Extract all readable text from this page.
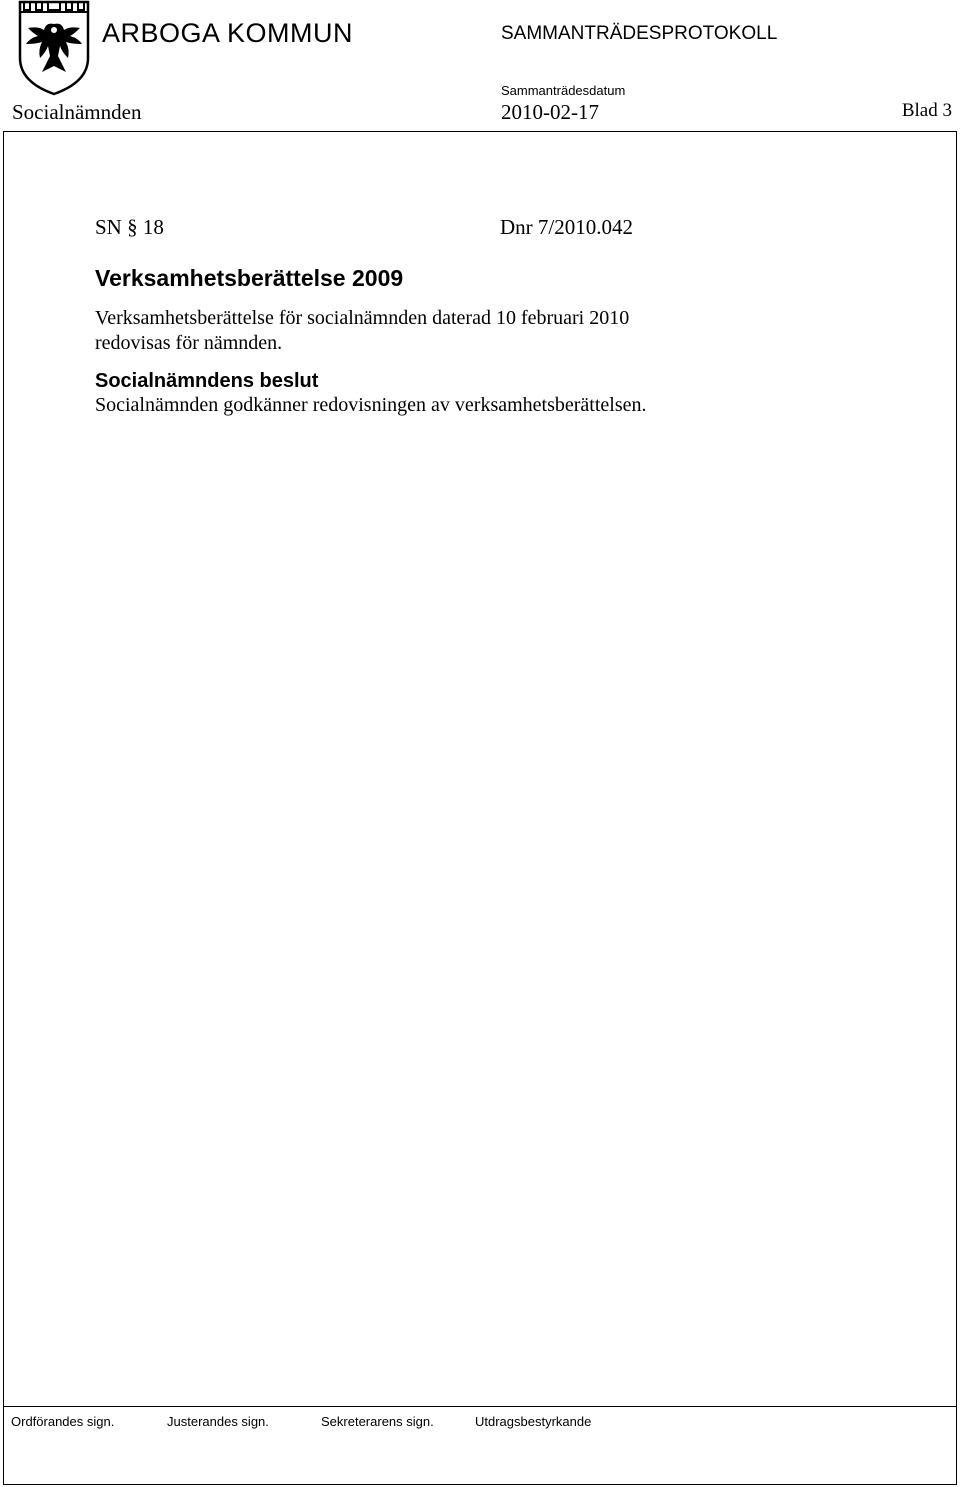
ARBOGA KOMMUN	SAMMANTRÄDESPROTOKOLL
Sammanträdesdatum
Socialnämnden	2010-02-17	Blad 3
SN § 18	Dnr 7/2010.042
Verksamhetsberättelse 2009
Verksamhetsberättelse för socialnämnden daterad 10 februari 2010
redovisas för nämnden.
Socialnämndens beslut
Socialnämnden godkänner redovisningen av verksamhetsberättelsen.
Ordförandes sign.	Justerandes sign.	Sekreterarens sign.	Utdragsbestyrkande
